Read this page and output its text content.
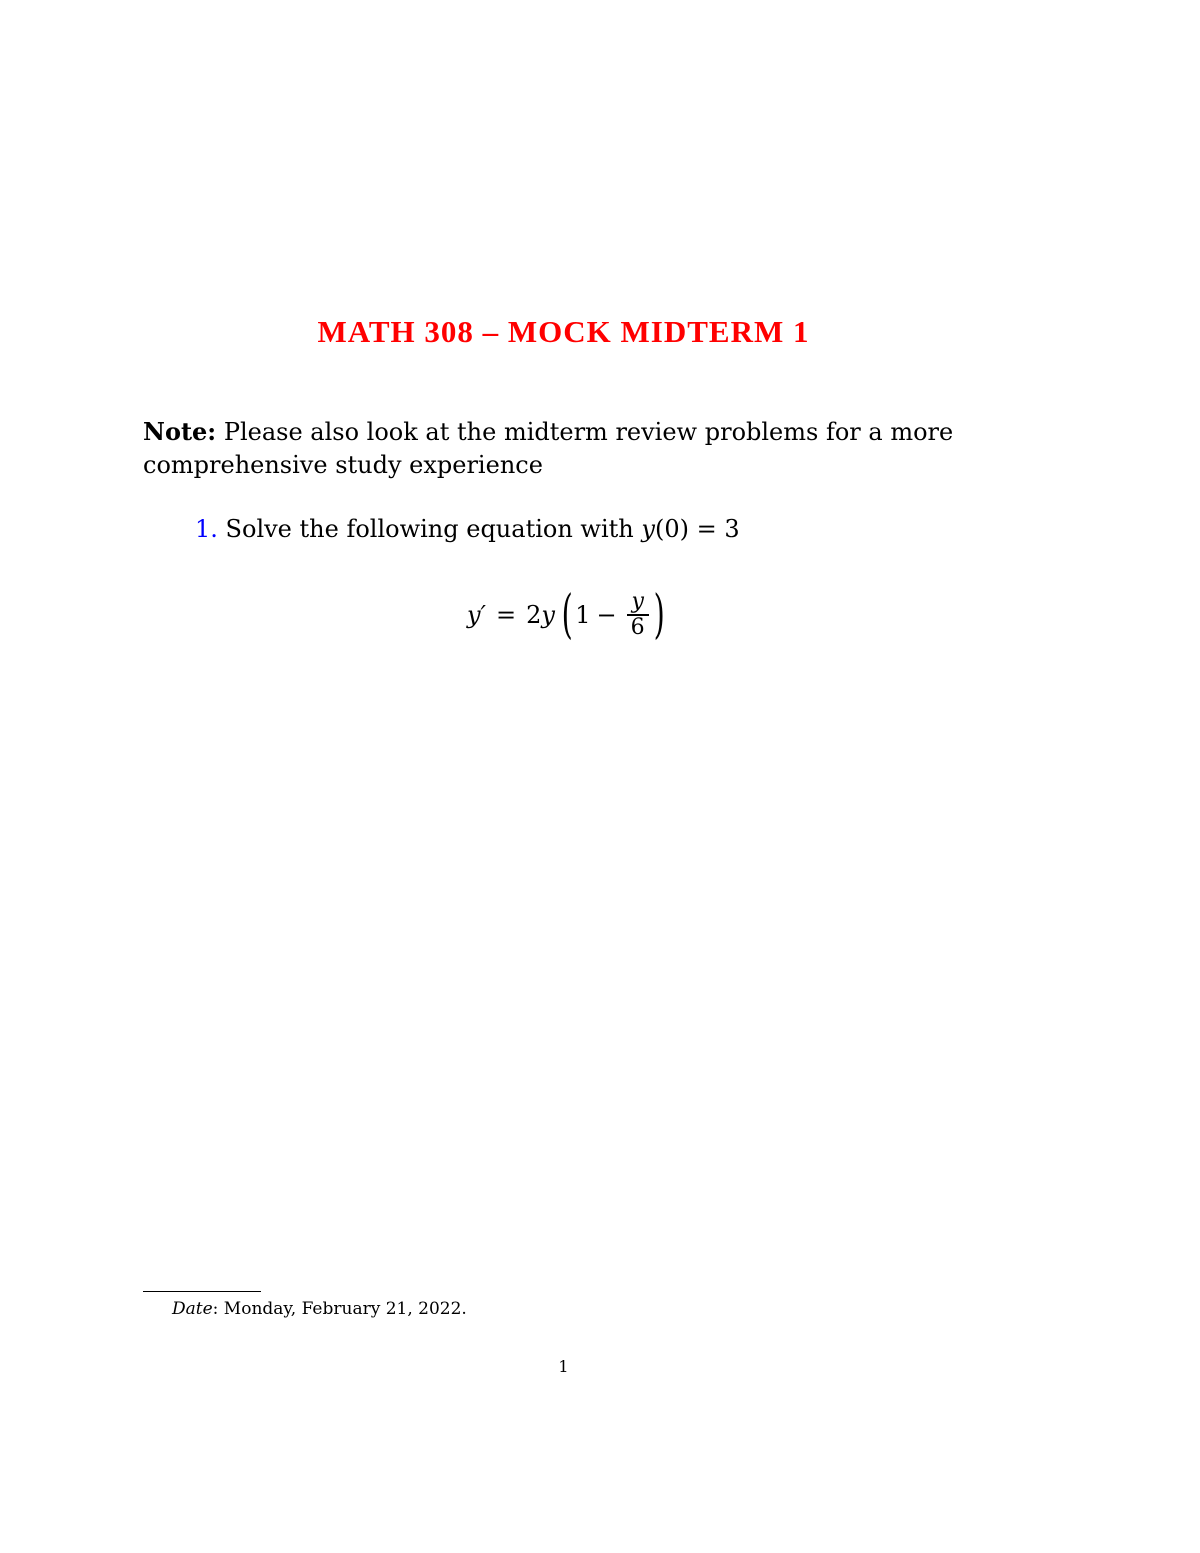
MATH 308 – MOCK MIDTERM 1
Note: Please also look at the midterm review problems for a more comprehensive study experience
1. Solve the following equation with y(0) = 3
y′ = 2 y ( $1 - \frac{y}{6}$ )
Date: Monday, February 21, 2022.
1
